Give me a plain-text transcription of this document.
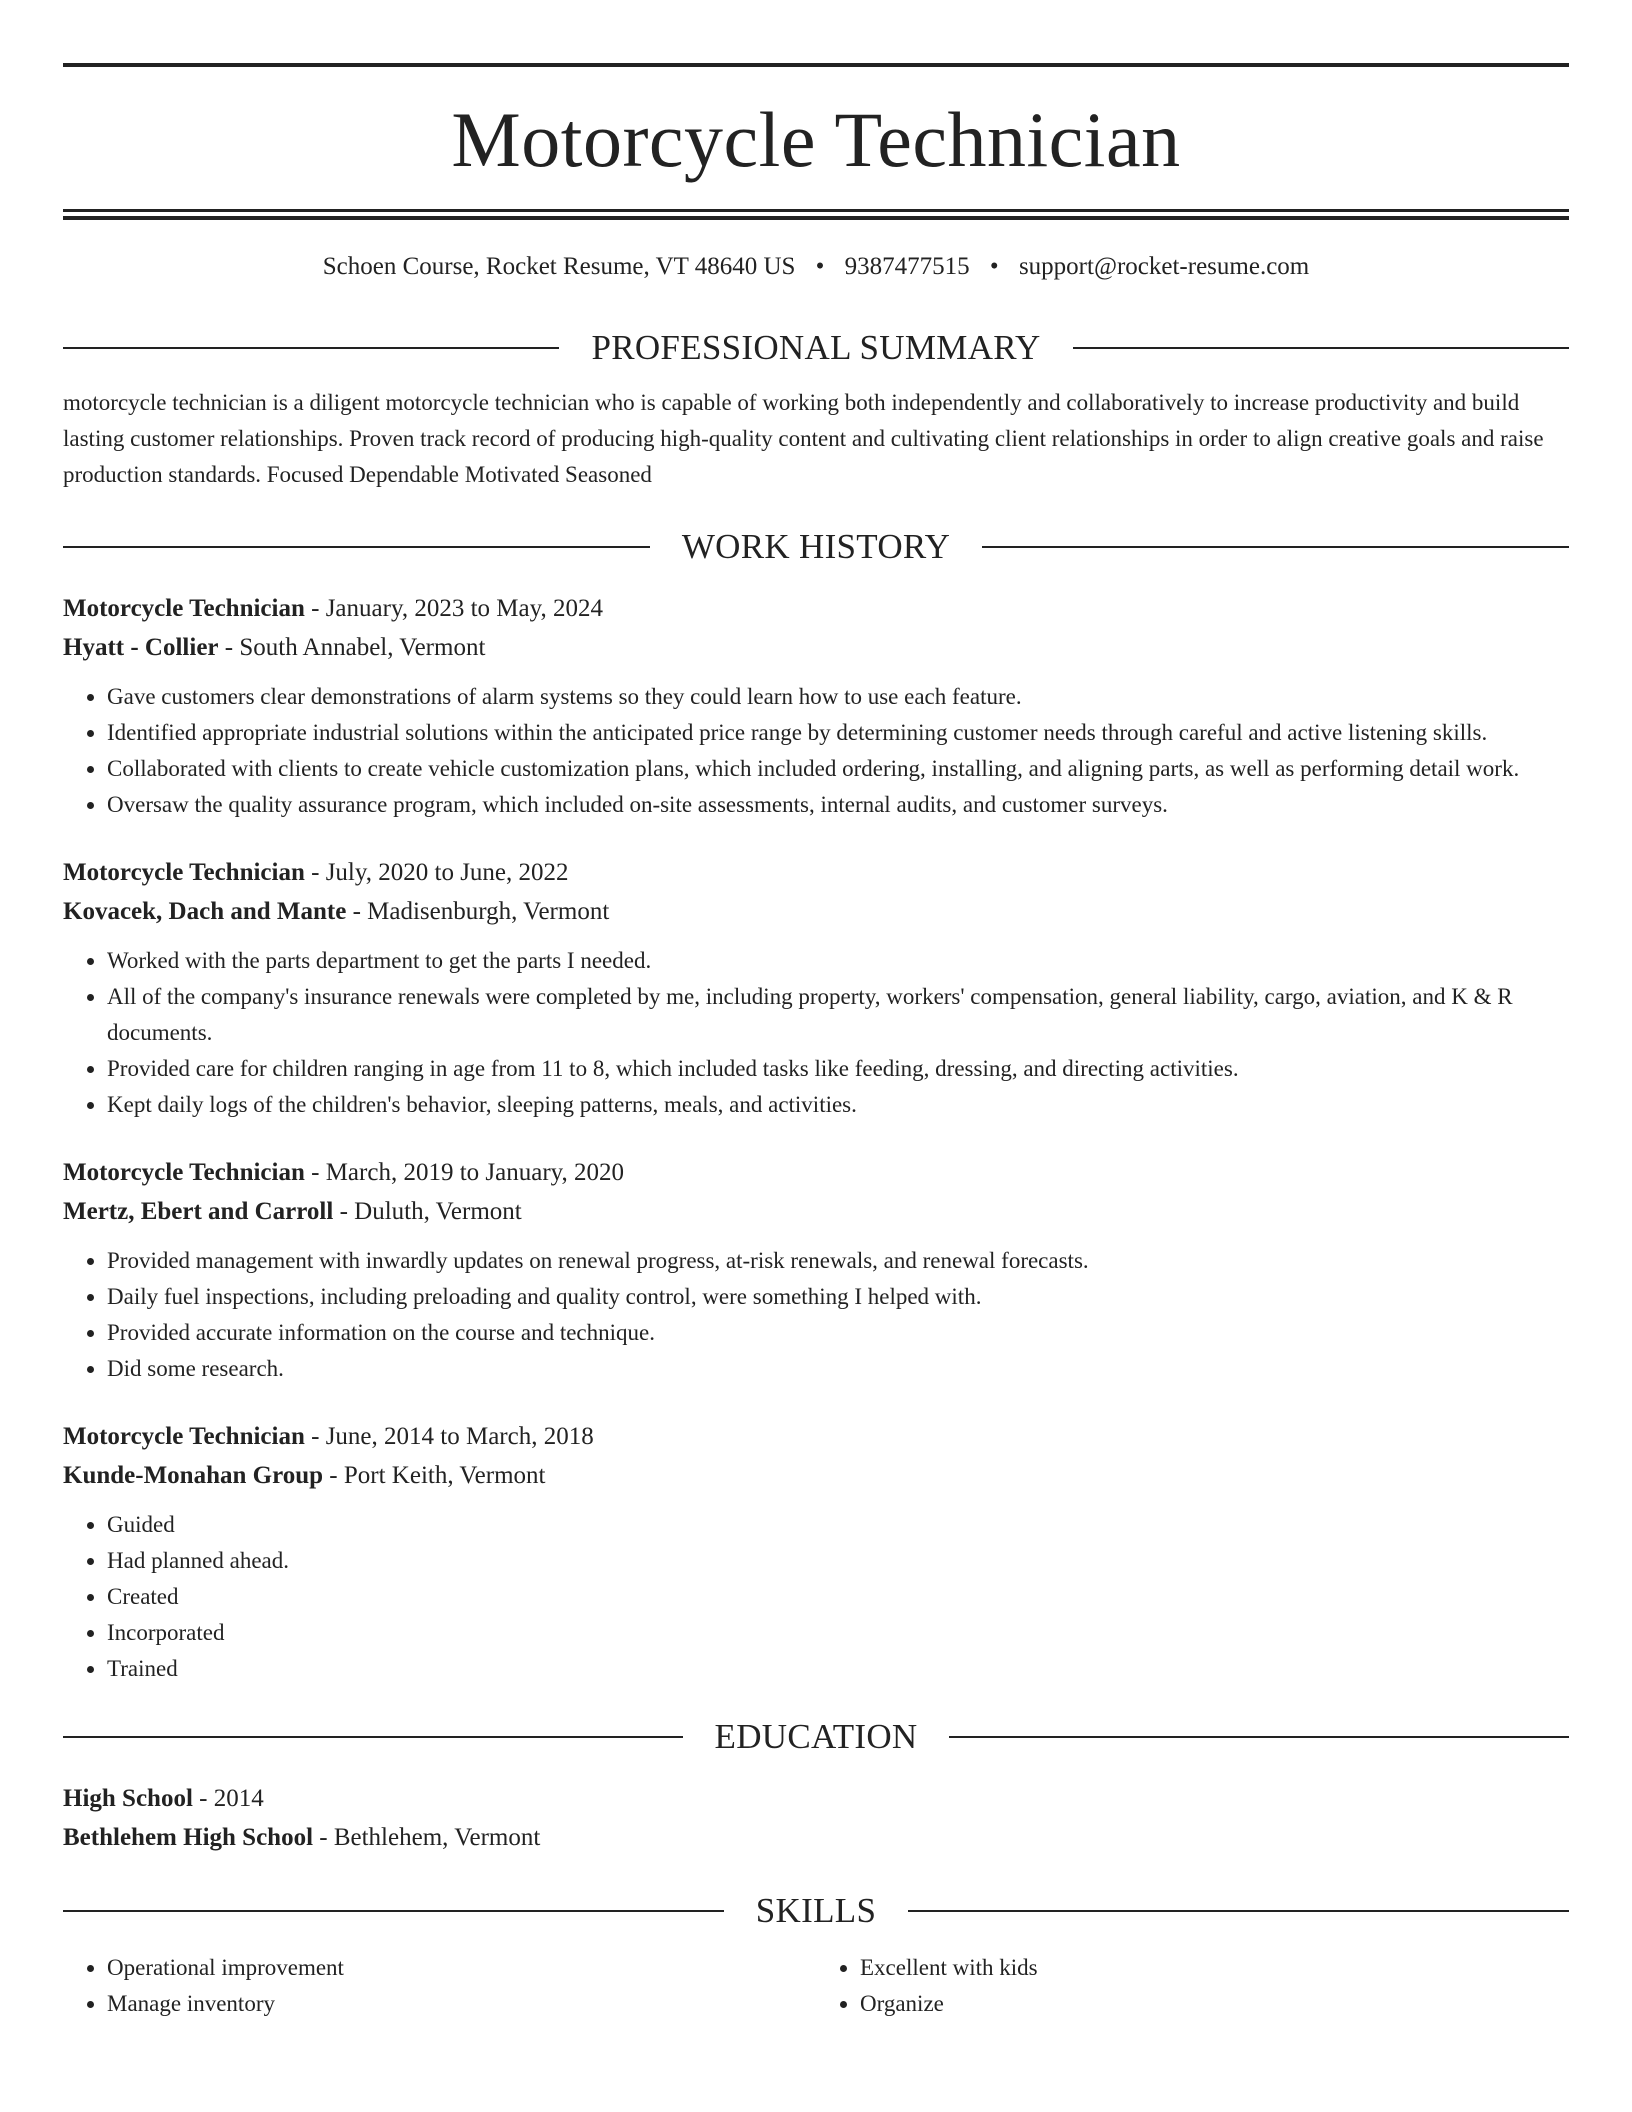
Motorcycle Technician
Schoen Course, Rocket Resume, VT 48640 US • 9387477515 • support@rocket-resume.com
PROFESSIONAL SUMMARY
motorcycle technician is a diligent motorcycle technician who is capable of working both independently and collaboratively to increase productivity and build lasting customer relationships. Proven track record of producing high-quality content and cultivating client relationships in order to align creative goals and raise production standards. Focused Dependable Motivated Seasoned
WORK HISTORY
Motorcycle Technician - January, 2023 to May, 2024
Hyatt - Collier - South Annabel, Vermont
• Gave customers clear demonstrations of alarm systems so they could learn how to use each feature.
• Identified appropriate industrial solutions within the anticipated price range by determining customer needs through careful and active listening skills.
• Collaborated with clients to create vehicle customization plans, which included ordering, installing, and aligning parts, as well as performing detail work.
• Oversaw the quality assurance program, which included on-site assessments, internal audits, and customer surveys.
Motorcycle Technician - July, 2020 to June, 2022
Kovacek, Dach and Mante - Madisenburgh, Vermont
• Worked with the parts department to get the parts I needed.
• All of the company's insurance renewals were completed by me, including property, workers' compensation, general liability, cargo, aviation, and K & R documents.
• Provided care for children ranging in age from 11 to 8, which included tasks like feeding, dressing, and directing activities.
• Kept daily logs of the children's behavior, sleeping patterns, meals, and activities.
Motorcycle Technician - March, 2019 to January, 2020
Mertz, Ebert and Carroll - Duluth, Vermont
• Provided management with inwardly updates on renewal progress, at-risk renewals, and renewal forecasts.
• Daily fuel inspections, including preloading and quality control, were something I helped with.
• Provided accurate information on the course and technique.
• Did some research.
Motorcycle Technician - June, 2014 to March, 2018
Kunde-Monahan Group - Port Keith, Vermont
• Guided
• Had planned ahead.
• Created
• Incorporated
• Trained
EDUCATION
High School - 2014
Bethlehem High School - Bethlehem, Vermont
SKILLS
• Operational improvement
• Manage inventory
• Excellent with kids
• Organize
